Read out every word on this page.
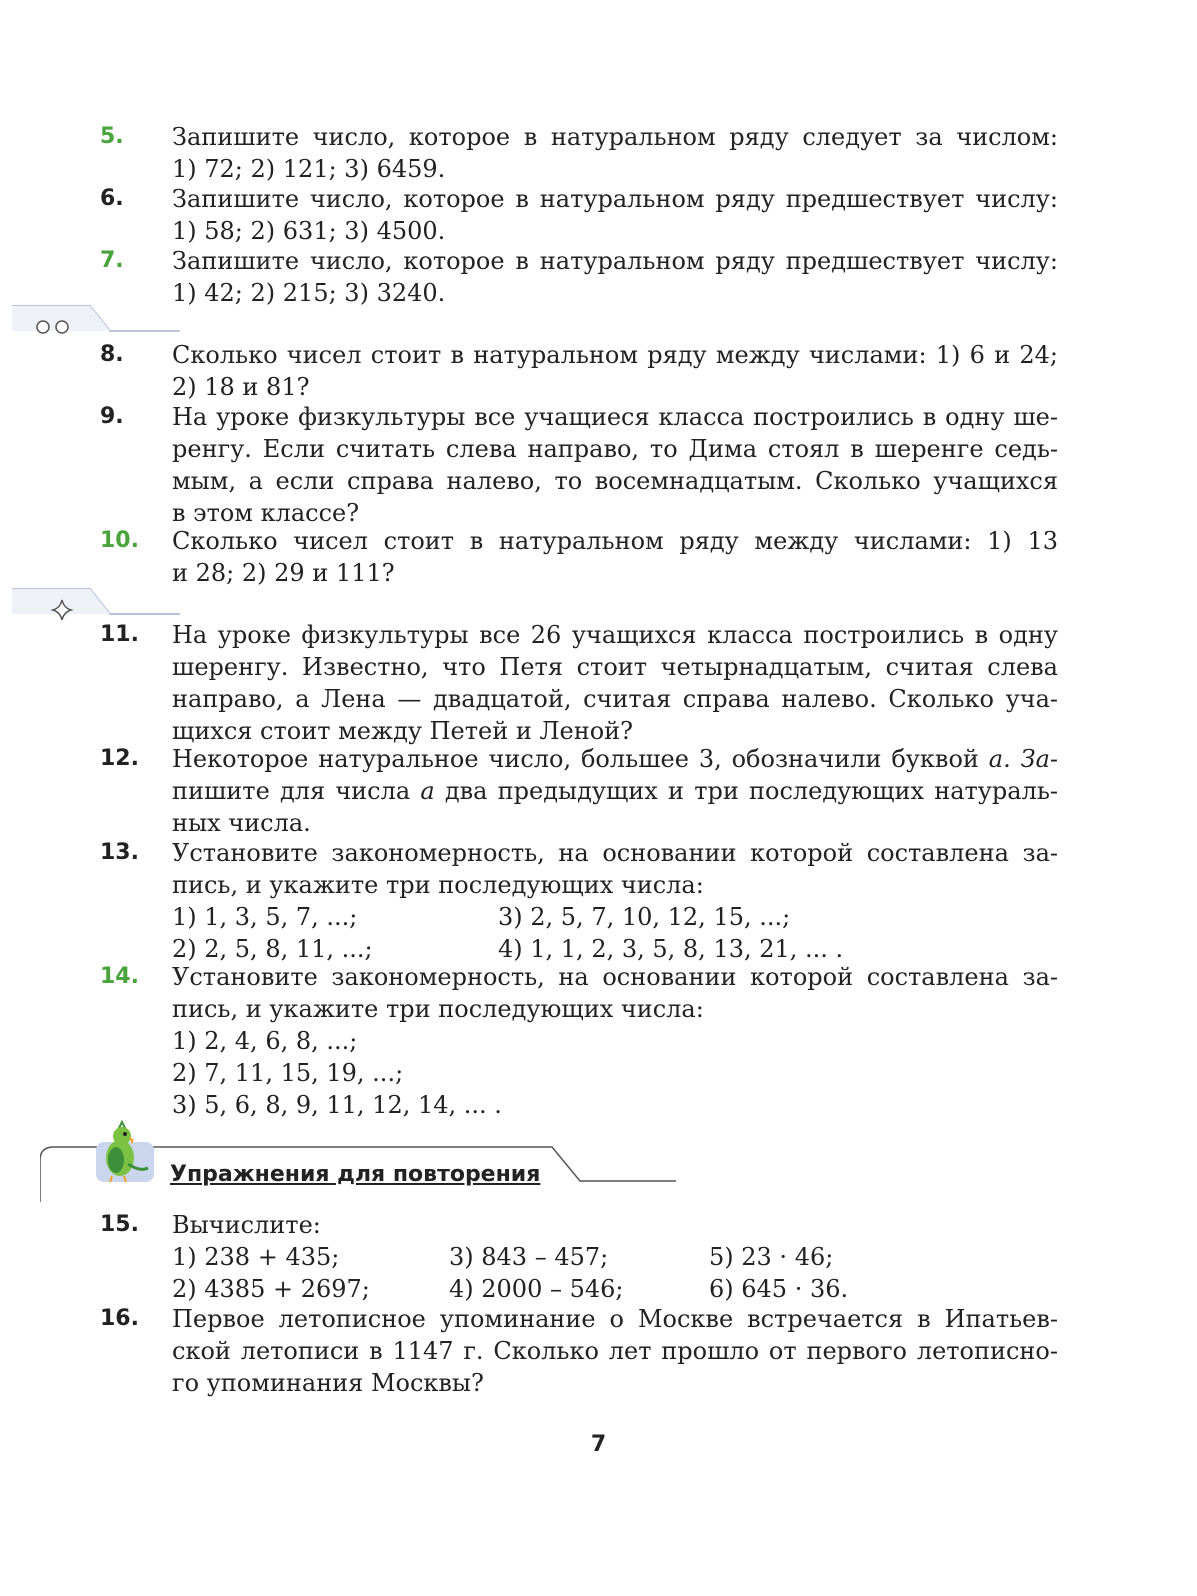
5.	Запишите число, которое в натуральном ряду следует за числом:
1) 72; 2) 121; 3) 6459.
6.	Запишите число, которое в натуральном ряду предшествует числу:
1) 58; 2) 631; 3) 4500.
7.	Запишите число, которое в натуральном ряду предшествует числу:
1) 42; 2) 215; 3) 3240.
8.	Сколько чисел стоит в натуральном ряду между числами: 1) 6 и 24;
2) 18 и 81?
9.	На уроке физкультуры все учащиеся класса построились в одну ше-
ренгу. Если считать слева направо, то Дима стоял в шеренге седь-
мым, а если справа налево, то восемнадцатым. Сколько учащихся
в этом классе?
10.	Сколько чисел стоит в натуральном ряду между числами: 1) 13
и 28; 2) 29 и 111?
11.	На уроке физкультуры все 26 учащихся класса построились в одну
шеренгу. Известно, что Петя стоит четырнадцатым, считая слева
направо, а Лена — двадцатой, считая справа налево. Сколько уча-
щихся стоит между Петей и Леной?
12.	Некоторое натуральное число, большее 3, обозначили буквой а. За-
пишите для числа а два предыдущих и три последующих натураль-
ных числа.
13.	Установите закономерность, на основании которой составлена за-
пись, и укажите три последующих числа:
1) 1, 3, 5, 7, ...;	3) 2, 5, 7, 10, 12, 15, ...;
2) 2, 5, 8, 11, ...;	4) 1, 1, 2, 3, 5, 8, 13, 21, ... .
14.	Установите закономерность, на основании которой составлена за-
пись, и укажите три последующих числа:
1) 2, 4, 6, 8, ...;
2) 7, 11, 15, 19, ...;
3) 5, 6, 8, 9, 11, 12, 14, ... .
Упражнения для повторения
15.	Вычислите:
1) 238 + 435;	3) 843 – 457;	5) 23 · 46;
2) 4385 + 2697;	4) 2000 – 546;	6) 645 · 36.
16.	Первое летописное упоминание о Москве встречается в Ипатьев-
ской летописи в 1147 г. Сколько лет прошло от первого летописно-
го упоминания Москвы?
7
